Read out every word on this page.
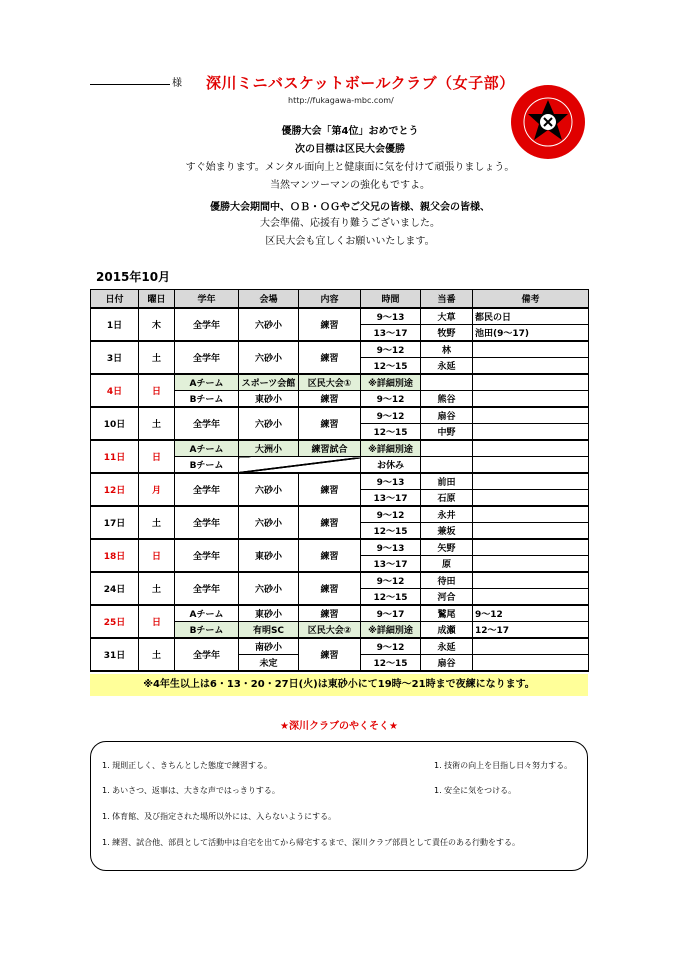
様 深川ミニバスケットボールクラブ（女子部）
http://fukagawa-mbc.com/
優勝大会「第4位」おめでとう
次の目標は区民大会優勝
すぐ始まります。メンタル面向上と健康面に気を付けて頑張りましょう。
当然マンツーマンの強化もですよ。
優勝大会期間中、ＯＢ・ＯＧやご父兄の皆様、親父会の皆様、
大会準備、応援有り難うございました。
区民大会も宜しくお願いいたします。
2015年10月
日付	曜日	学年	会場	内容	時間	当番	備考
1日	木	全学年	六砂小	練習	9～13	大草	都民の日
					13～17	牧野	池田(9～17)
3日	土	全学年	六砂小	練習	9～12	林	
					12～15	永延	
4日	日	Aチーム	スポーツ会館	区民大会①	※詳細別途		
		Bチーム	東砂小	練習	9～12	熊谷	
10日	土	全学年	六砂小	練習	9～12	扇谷	
					12～15	中野	
11日	日	Aチーム	大洲小	練習試合	※詳細別途		
		Bチーム			お休み		
12日	月	全学年	六砂小	練習	9～13	前田	
					13～17	石原	
17日	土	全学年	六砂小	練習	9～12	永井	
					12～15	兼坂	
18日	日	全学年	東砂小	練習	9～13	矢野	
					13～17	原	
24日	土	全学年	六砂小	練習	9～12	待田	
					12～15	河合	
25日	日	Aチーム	東砂小	練習	9～17	鷲尾	9～12
		Bチーム	有明SC	区民大会②	※詳細別途	成瀬	12～17
31日	土	全学年	南砂小	練習	9～12	永延	
			未定		12～15	扇谷	
※4年生以上は6・13・20・27日(火)は東砂小にて19時～21時まで夜練になります。
★深川クラブのやくそく★
1. 規則正しく、きちんとした態度で練習する。	1. 技術の向上を目指し日々努力する。
1. あいさつ、返事は、大きな声ではっきりする。	1. 安全に気をつける。
1. 体育館、及び指定された場所以外には、入らないようにする。
1. 練習、試合他、部員として活動中は自宅を出てから帰宅するまで、深川クラブ部員として責任のある行動をする。
